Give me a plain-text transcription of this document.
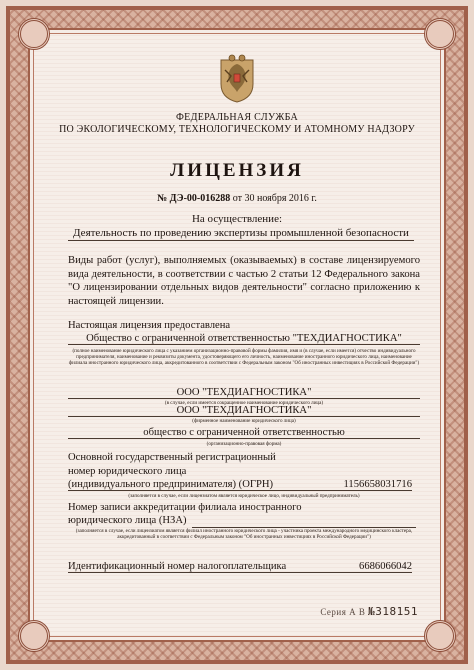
ФЕДЕРАЛЬНАЯ СЛУЖБА
ПО ЭКОЛОГИЧЕСКОМУ, ТЕХНОЛОГИЧЕСКОМУ И АТОМНОМУ НАДЗОРУ
ЛИЦЕНЗИЯ
№ ДЭ-00-016288 от 30 ноября 2016 г.
На осуществление:
Деятельность по проведению экспертизы промышленной безопасности
Виды работ (услуг), выполняемых (оказываемых) в составе лицензируемого вида деятельности, в соответствии с частью 2 статьи 12 Федерального закона "О лицензировании отдельных видов деятельности" согласно приложению к настоящей лицензии.
Настоящая лицензия предоставлена
Общество с ограниченной ответственностью "ТЕХДИАГНОСТИКА"
(полное наименование юридического лица с указанием организационно-правовой формы фамилия, имя и (в случае, если имеется) отчество индивидуального предпринимателя, наименование и реквизиты документа, удостоверяющего его личность, наименование иностранного юридического лица, наименование филиала иностранного юридического лица, аккредитованного в соответствии с Федеральным законом "Об иностранных инвестициях в Российской Федерации")
ООО "ТЕХДИАГНОСТИКА"
(в случае, если имеется сокращенное наименование юридического лица)
ООО "ТЕХДИАГНОСТИКА"
(фирменное наименование юридического лица)
общество с ограниченной ответственностью
(организационно-правовая форма)
Основной государственный регистрационный
номер юридического лица
(индивидуального предпринимателя) (ОГРН)	1156658031716
(заполняется в случае, если лицензиатом является юридическое лицо, индивидуальный предприниматель)
Номер записи аккредитации филиала иностранного
юридического лица (НЗА)
(заполняется в случае, если лицензиатом является филиал иностранного юридического лица - участника проекта международного медицинского кластера, аккредитованный в соответствии с Федеральным законом "Об иностранных инвестициях в Российской Федерации")
Идентификационный номер налогоплательщика	6686066042
Серия А В №318151
